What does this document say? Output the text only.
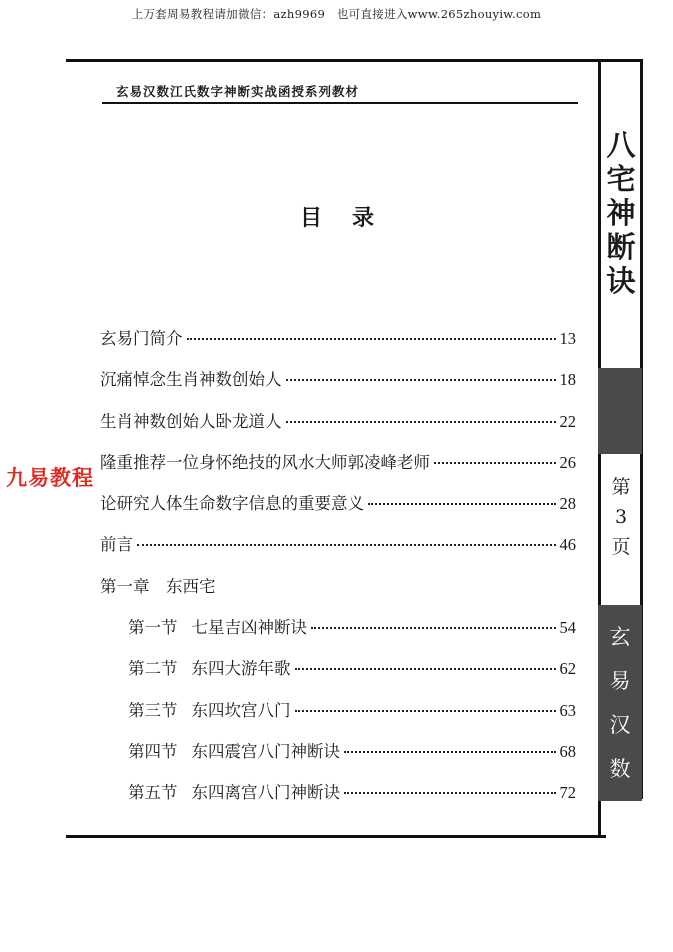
上万套周易教程请加微信：azh9969　也可直接进入www.265zhouyiw.com
玄易汉数江氏数字神断实战函授系列教材
八
宅
神
断
诀
第
3
页
玄
易
汉
数
目录
玄易门简介	13
沉痛悼念生肖神数创始人	18
生肖神数创始人卧龙道人	22
隆重推荐一位身怀绝技的风水大师郭凌峰老师	26
论研究人体生命数字信息的重要意义	28
前言	46
第一章　东西宅
第一节 七星吉凶神断诀	54
第二节 东四大游年歌	62
第三节 东四坎宫八门	63
第四节 东四震宫八门神断诀	68
第五节 东四离宫八门神断诀	72
九易教程
